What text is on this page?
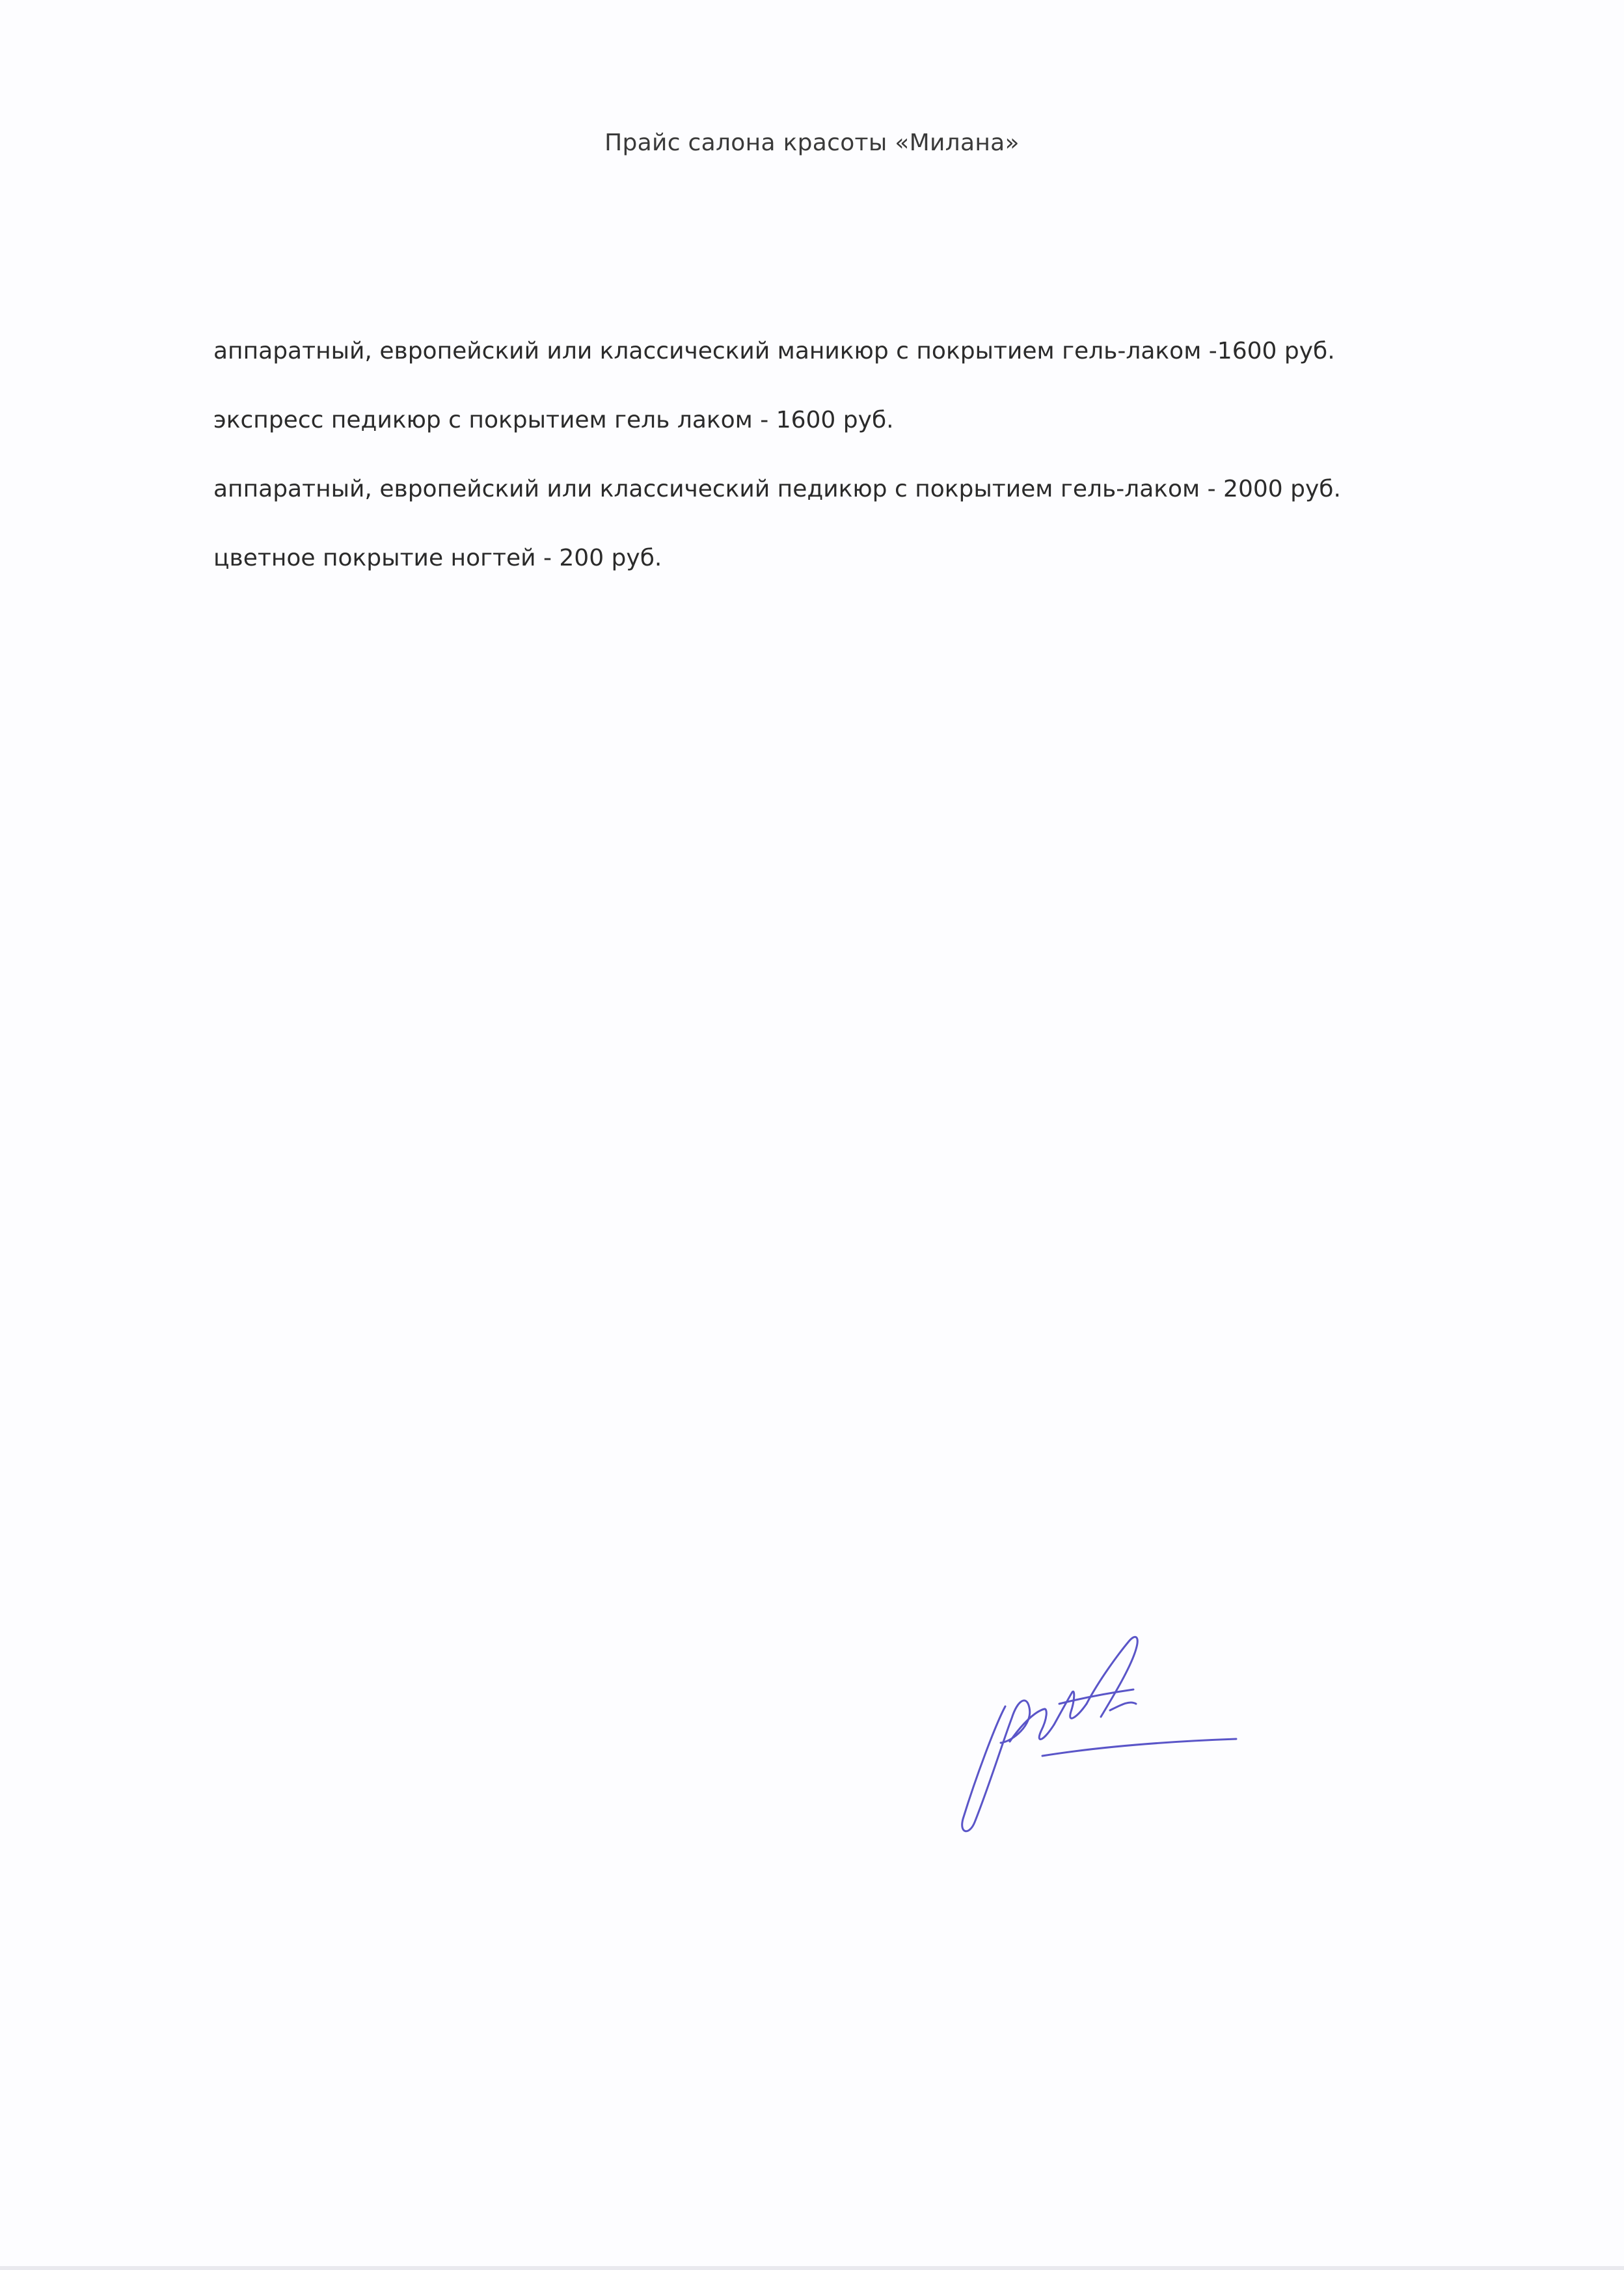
Прайс салона красоты «Милана»
аппаратный, европейский или классический маникюр с покрытием гель-лаком -1600 руб.
экспресс педикюр с покрытием гель лаком - 1600 руб.
аппаратный, европейский или классический педикюр с покрытием гель-лаком - 2000 руб.
цветное покрытие ногтей - 200 руб.
